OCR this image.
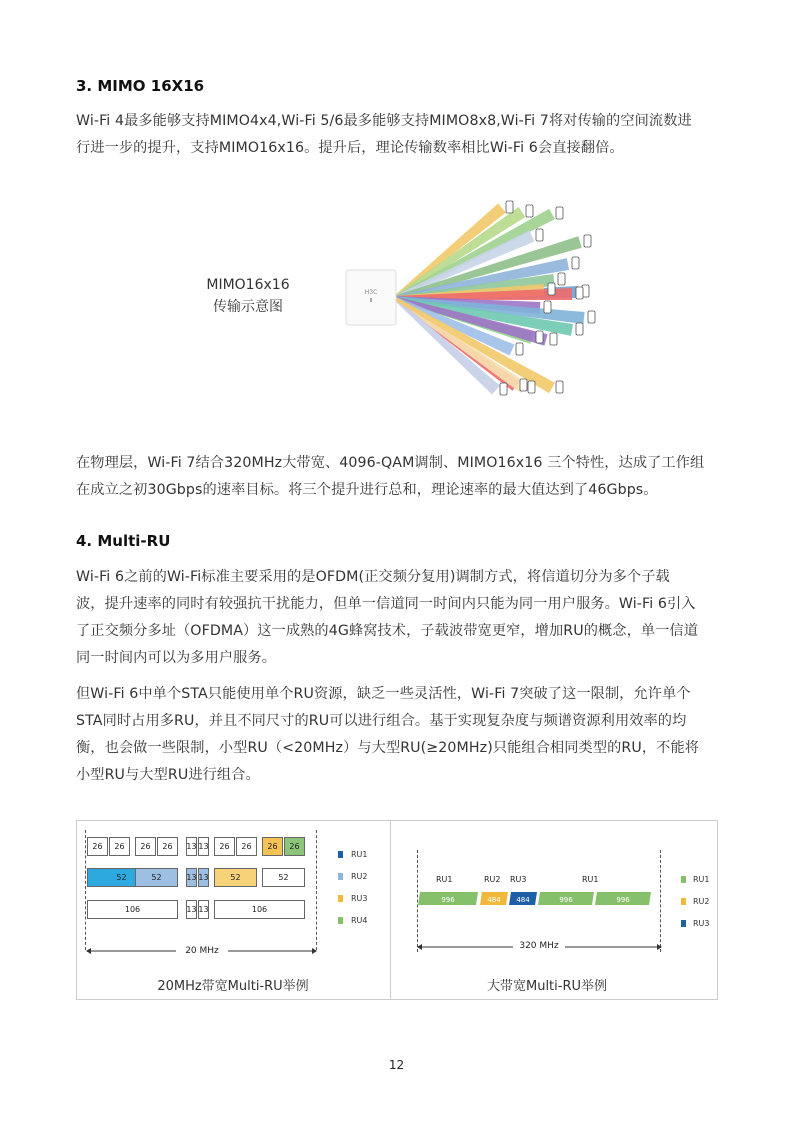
3. MIMO 16X16
Wi-Fi 4最多能够支持MIMO4x4,Wi-Fi 5/6最多能够支持MIMO8x8,Wi-Fi 7将对传输的空间流数进
行进一步的提升，支持MIMO16x16。提升后，理论传输数率相比Wi-Fi 6会直接翻倍。
MIMO16x16
传输示意图
H3C
在物理层，Wi-Fi 7结合320MHz大带宽、4096-QAM调制、MIMO16x16 三个特性，达成了工作组
在成立之初30Gbps的速率目标。将三个提升进行总和，理论速率的最大值达到了46Gbps。
4. Multi-RU
Wi-Fi 6之前的Wi-Fi标准主要采用的是OFDM(正交频分复用)调制方式，将信道切分为多个子载
波，提升速率的同时有较强抗干扰能力，但单一信道同一时间内只能为同一用户服务。Wi-Fi 6引入
了正交频分多址（OFDMA）这一成熟的4G蜂窝技术，子载波带宽更窄，增加RU的概念，单一信道
同一时间内可以为多用户服务。
但Wi-Fi 6中单个STA只能使用单个RU资源，缺乏一些灵活性，Wi-Fi 7突破了这一限制，允许单个
STA同时占用多RU，并且不同尺寸的RU可以进行组合。基于实现复杂度与频谱资源利用效率的均
衡，也会做一些限制，小型RU（<20MHz）与大型RU(≥20MHz)只能组合相同类型的RU，不能将
小型RU与大型RU进行组合。
26	26	26	26	13 13	26	26	26	26
52	52	13 13	52	52
106	13 13	106
20 MHz
RU1
RU2
RU3
RU4
20MHz带宽Multi-RU举例
RU1	RU2 RU3	RU1
996	484 484	996	996
320 MHz
RU1
RU2
RU3
大带宽Multi-RU举例
12
